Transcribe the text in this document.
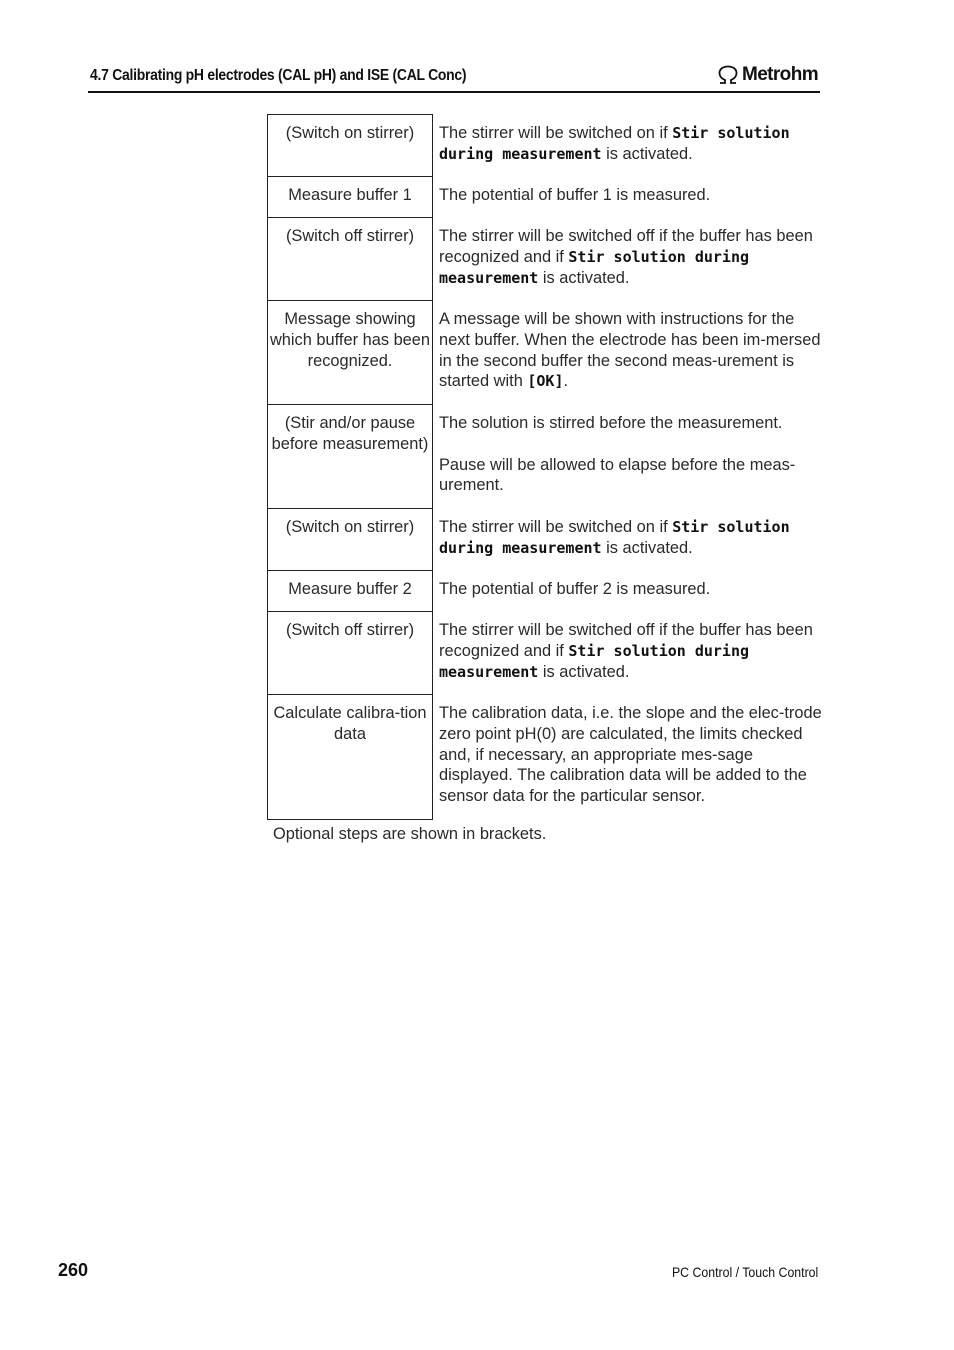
4.7 Calibrating pH electrodes (CAL pH) and ISE (CAL Conc)	Metrohm
(Switch on stirrer)	The stirrer will be switched on if Stir solution during measurement is activated.
Measure buffer 1	The potential of buffer 1 is measured.
(Switch off stirrer)	The stirrer will be switched off if the buffer has been recognized and if Stir solution during measurement is activated.
Message showing which buffer has been recognized.	A message will be shown with instructions for the next buffer. When the electrode has been im-mersed in the second buffer the second meas-urement is started with [OK].
(Stir and/or pause before measurement)	The solution is stirred before the measurement.
Pause will be allowed to elapse before the meas-urement.
(Switch on stirrer)	The stirrer will be switched on if Stir solution during measurement is activated.
Measure buffer 2	The potential of buffer 2 is measured.
(Switch off stirrer)	The stirrer will be switched off if the buffer has been recognized and if Stir solution during measurement is activated.
Calculate calibra-tion data	The calibration data, i.e. the slope and the elec-trode zero point pH(0) are calculated, the limits checked and, if necessary, an appropriate mes-sage displayed. The calibration data will be added to the sensor data for the particular sensor.
Optional steps are shown in brackets.
260	PC Control / Touch Control
